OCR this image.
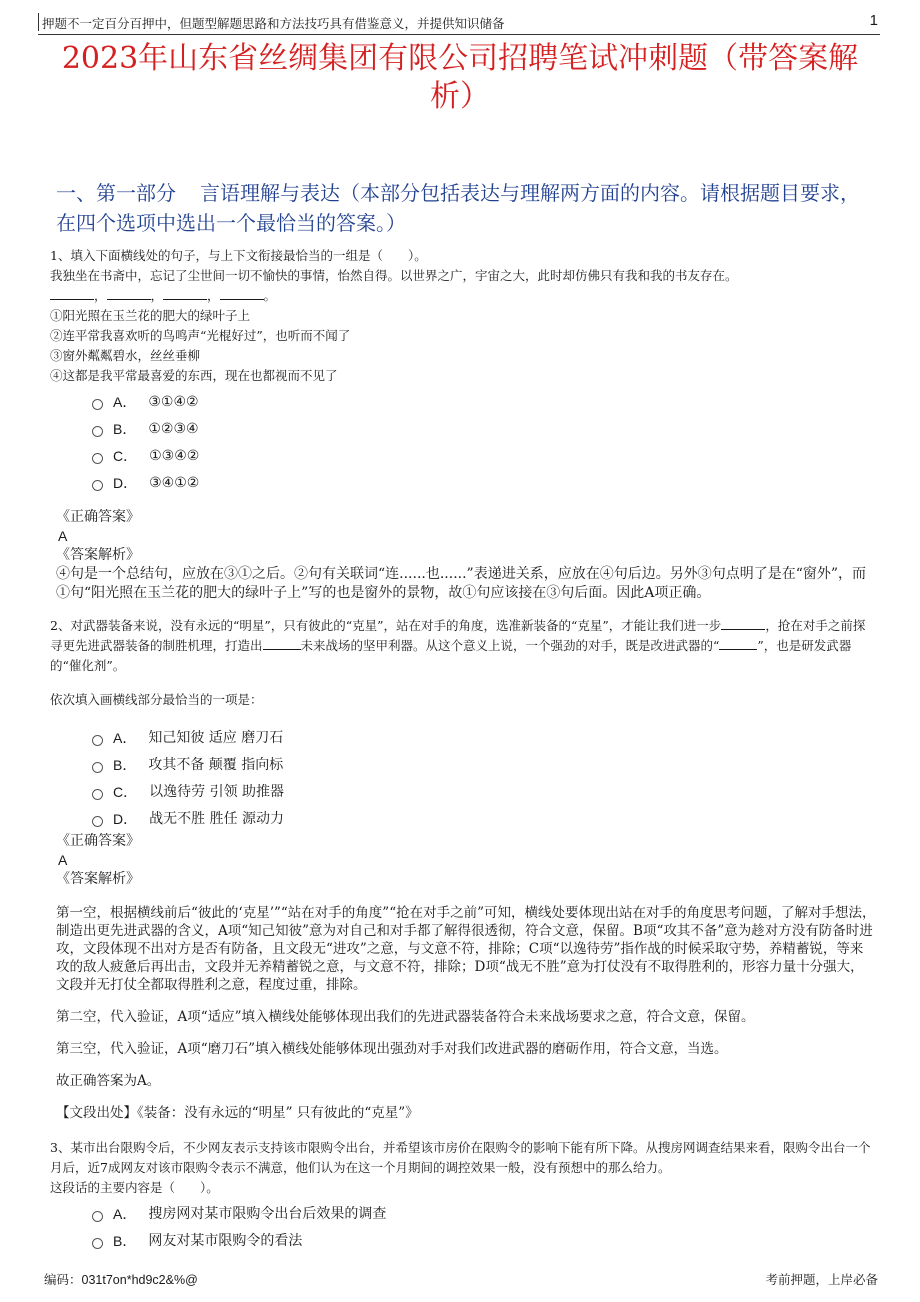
押题不一定百分百押中，但题型解题思路和方法技巧具有借鉴意义，并提供知识储备	1
2023年山东省丝绸集团有限公司招聘笔试冲刺题（带答案解析）
一、第一部分 言语理解与表达（本部分包括表达与理解两方面的内容。请根据题目要求，在四个选项中选出一个最恰当的答案。）

1、填入下面横线处的句子，与上下文衔接最恰当的一组是（　　）。

我独坐在书斋中，忘记了尘世间一切不愉快的事情，怡然自得。以世界之广，宇宙之大，此时却仿佛只有我和我的书友存在。

，	，	，	。

①阳光照在玉兰花的肥大的绿叶子上

②连平常我喜欢听的鸟鸣声“光棍好过”，也听而不闻了

③窗外粼粼碧水，丝丝垂柳

④这都是我平常最喜爱的东西，现在也都视而不见了

A． ③①④②
B． ①②③④
C． ①③④②
D． ③④①②

《正确答案》

A

《答案解析》

④句是一个总结句，应放在③①之后。②句有关联词“连......也......”表递进关系，应放在④句后边。另外③句点明了是在“窗外”，而①句“阳光照在玉兰花的肥大的绿叶子上”写的也是窗外的景物，故①句应该接在③句后面。因此A项正确。

2、对武器装备来说，没有永远的“明星”，只有彼此的“克星”，站在对手的角度，选准新装备的“克星”，才能让我们进一步	，抢在对手之前探寻更先进武器装备的制胜机理，打造出	未来战场的坚甲利器。从这个意义上说，一个强劲的对手，既是改进武器的“	”，也是研发武器的“催化剂”。

依次填入画横线部分最恰当的一项是：

A． 知己知彼 适应 磨刀石
B． 攻其不备 颠覆 指向标
C． 以逸待劳 引领 助推器
D． 战无不胜 胜任 源动力

《正确答案》

A

《答案解析》

第一空，根据横线前后“彼此的‘克星’”“站在对手的角度”“抢在对手之前”可知，横线处要体现出站在对手的角度思考问题，了解对手想法，制造出更先进武器的含义，A项“知己知彼”意为对自己和对手都了解得很透彻，符合文意，保留。B项“攻其不备”意为趁对方没有防备时进攻，文段体现不出对方是否有防备，且文段无“进攻”之意，与文意不符，排除；C项“以逸待劳”指作战的时候采取守势，养精蓄锐，等来攻的敌人疲惫后再出击，文段并无养精蓄锐之意，与文意不符，排除；D项“战无不胜”意为打仗没有不取得胜利的，形容力量十分强大，文段并无打仗全都取得胜利之意，程度过重，排除。

第二空，代入验证，A项“适应”填入横线处能够体现出我们的先进武器装备符合未来战场要求之意，符合文意，保留。

第三空，代入验证，A项“磨刀石”填入横线处能够体现出强劲对手对我们改进武器的磨砺作用，符合文意，当选。

故正确答案为A。

【文段出处】《装备：没有永远的“明星” 只有彼此的“克星”》

3、某市出台限购令后，不少网友表示支持该市限购令出台，并希望该市房价在限购令的影响下能有所下降。从搜房网调查结果来看，限购令出台一个月后，近7成网友对该市限购令表示不满意，他们认为在这一个月期间的调控效果一般，没有预想中的那么给力。

这段话的主要内容是（　　）。

A． 搜房网对某市限购令出台后效果的调查
B． 网友对某市限购令的看法
编码：031t7on*hd9c2&%@	考前押题，上岸必备
